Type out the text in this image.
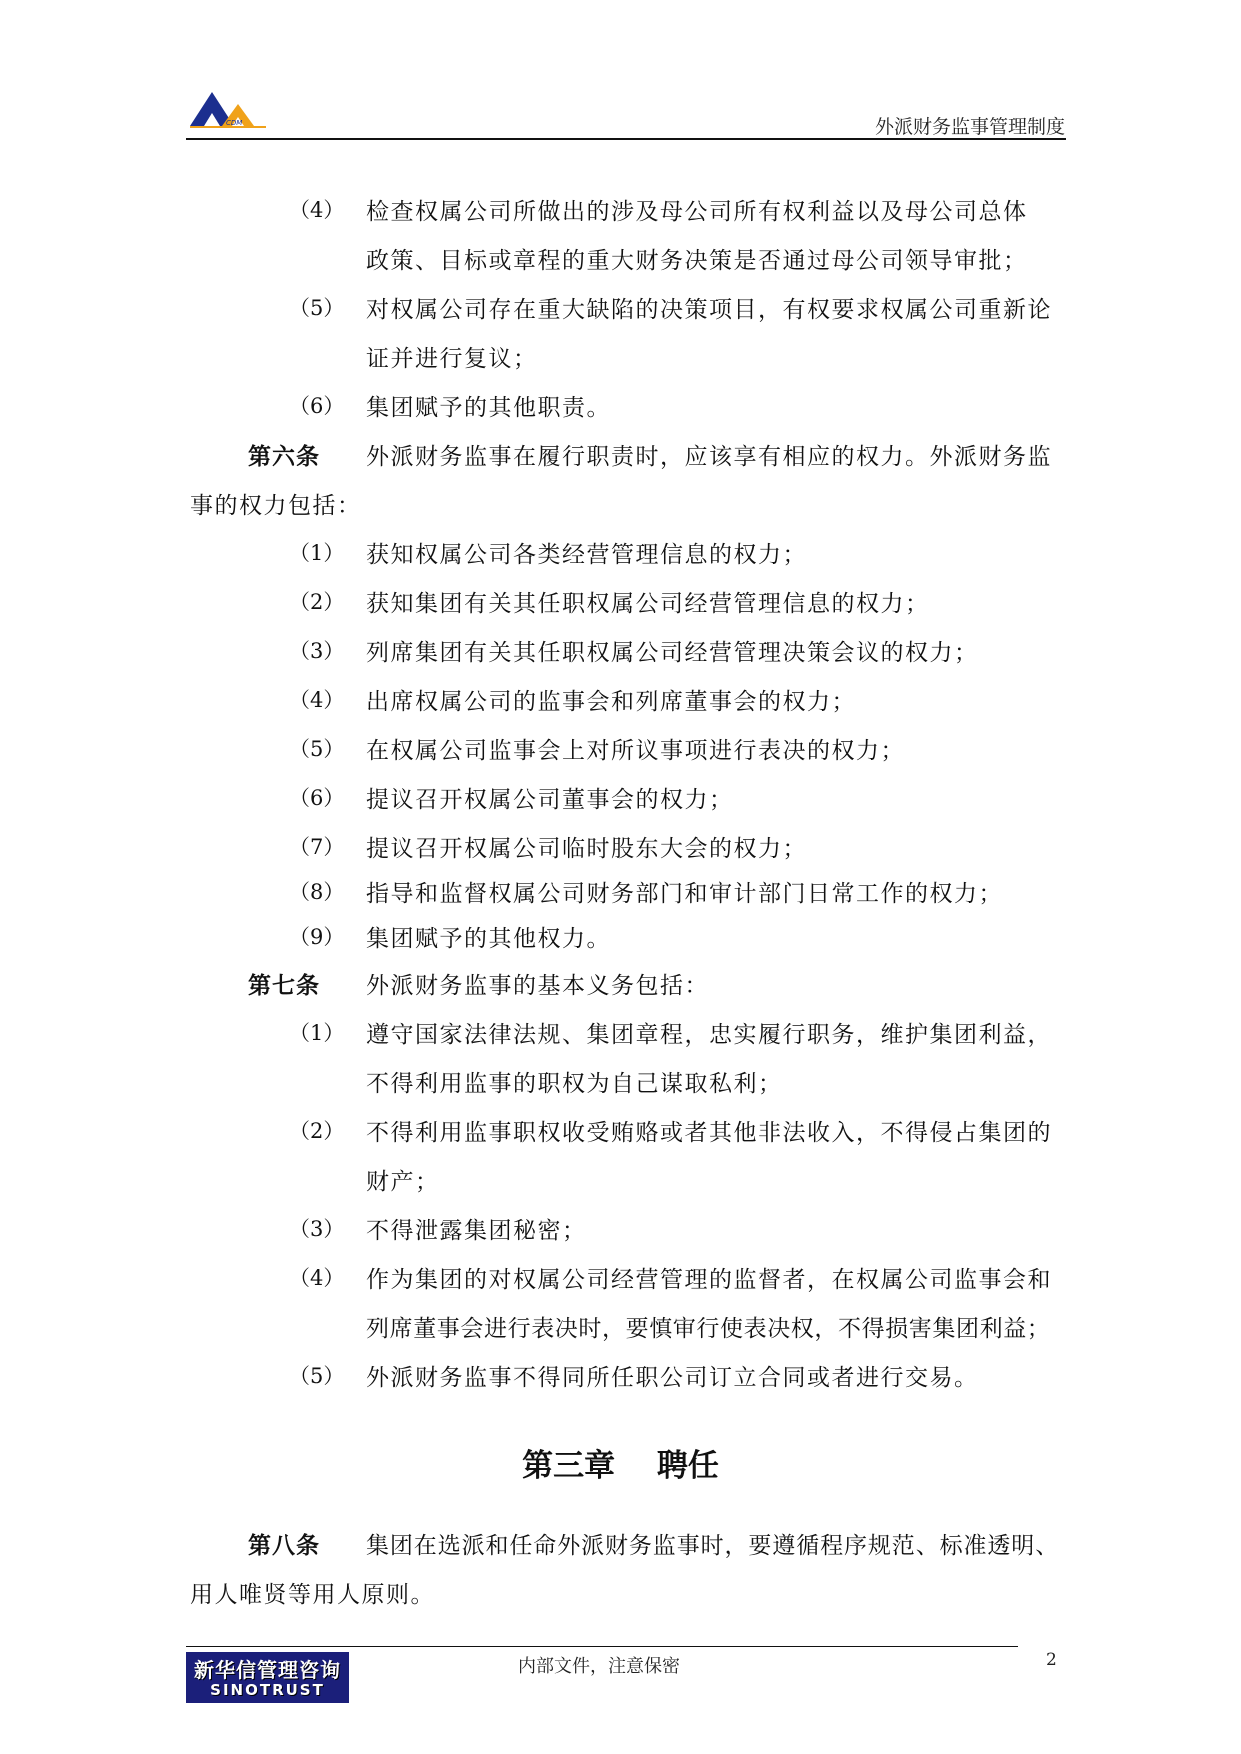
CDM	外派财务监事管理制度
（4） 检查权属公司所做出的涉及母公司所有权利益以及母公司总体
政策、目标或章程的重大财务决策是否通过母公司领导审批；
（5） 对权属公司存在重大缺陷的决策项目，有权要求权属公司重新论
证并进行复议；
（6） 集团赋予的其他职责。
第六条 外派财务监事在履行职责时，应该享有相应的权力。外派财务监
事的权力包括：
（1） 获知权属公司各类经营管理信息的权力；
（2） 获知集团有关其任职权属公司经营管理信息的权力；
（3） 列席集团有关其任职权属公司经营管理决策会议的权力；
（4） 出席权属公司的监事会和列席董事会的权力；
（5） 在权属公司监事会上对所议事项进行表决的权力；
（6） 提议召开权属公司董事会的权力；
（7） 提议召开权属公司临时股东大会的权力；
（8） 指导和监督权属公司财务部门和审计部门日常工作的权力；
（9） 集团赋予的其他权力。
第七条 外派财务监事的基本义务包括：
（1） 遵守国家法律法规、集团章程，忠实履行职务，维护集团利益，
不得利用监事的职权为自己谋取私利；
（2） 不得利用监事职权收受贿赂或者其他非法收入，不得侵占集团的
财产；
（3） 不得泄露集团秘密；
（4） 作为集团的对权属公司经营管理的监督者，在权属公司监事会和
列席董事会进行表决时，要慎审行使表决权，不得损害集团利益；
（5） 外派财务监事不得同所任职公司订立合同或者进行交易。
第三章　 聘任
第八条 集团在选派和任命外派财务监事时，要遵循程序规范、标准透明、
用人唯贤等用人原则。
新华信管理咨询
SINOTRUST
内部文件，注意保密	2
